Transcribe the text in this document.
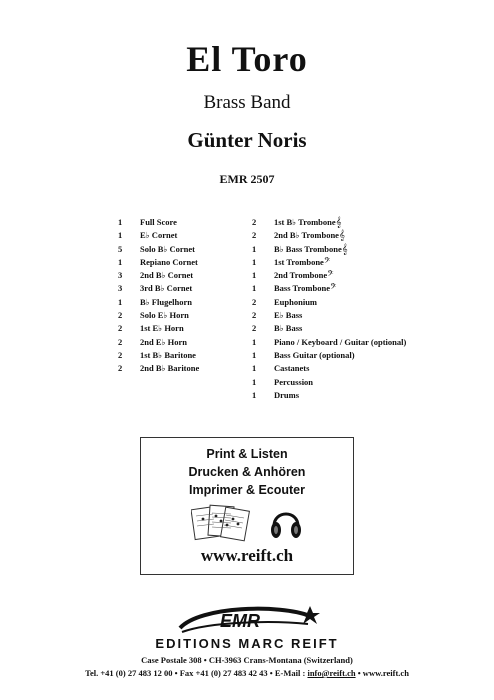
El Toro
Brass Band
Günter Noris
EMR 2507
1	Full Score
1	E♭ Cornet
5	Solo B♭ Cornet
1	Repiano Cornet
3	2nd B♭ Cornet
3	3rd B♭ Cornet
1	B♭ Flugelhorn
2	Solo E♭ Horn
2	1st E♭ Horn
2	2nd E♭ Horn
2	1st B♭ Baritone
2	2nd B♭ Baritone
2	1st B♭ Trombone𝄞
2	2nd B♭ Trombone𝄞
1	B♭ Bass Trombone𝄞
1	1st Trombone𝄢
1	2nd Trombone𝄢
1	Bass Trombone𝄢
2	Euphonium
2	E♭ Bass
2	B♭ Bass
1	Piano / Keyboard / Guitar (optional)
1	Bass Guitar (optional)
1	Castanets
1	Percussion
1	Drums
Print & Listen
Drucken & Anhören
Imprimer & Ecouter
www.reift.ch
EMR
EDITIONS MARC REIFT
Case Postale 308 • CH-3963 Crans-Montana (Switzerland)
Tel. +41 (0) 27 483 12 00 • Fax +41 (0) 27 483 42 43 • E-Mail : info@reift.ch • www.reift.ch
